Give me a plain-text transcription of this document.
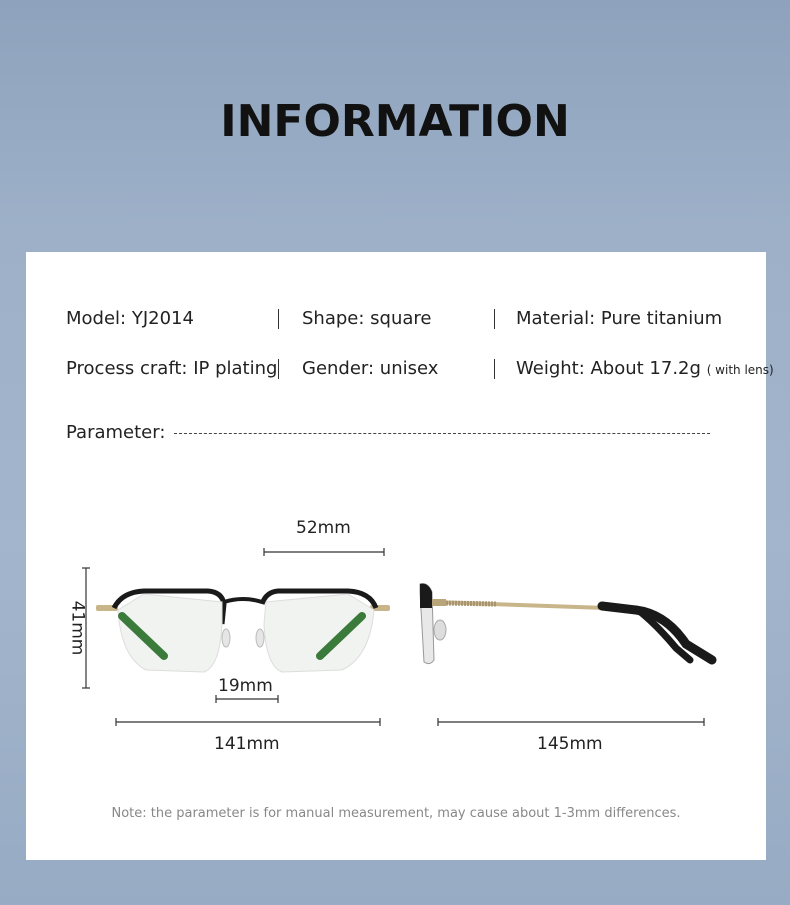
INFORMATION
Model: YJ2014	Shape: square	Material: Pure titanium
Process craft: IP plating Gender: unisex	Weight: About 17.2g ( with lens)
Parameter:
52mm
41mm
19mm
141mm	145mm
Note: the parameter is for manual measurement, may cause about 1-3mm differences.
